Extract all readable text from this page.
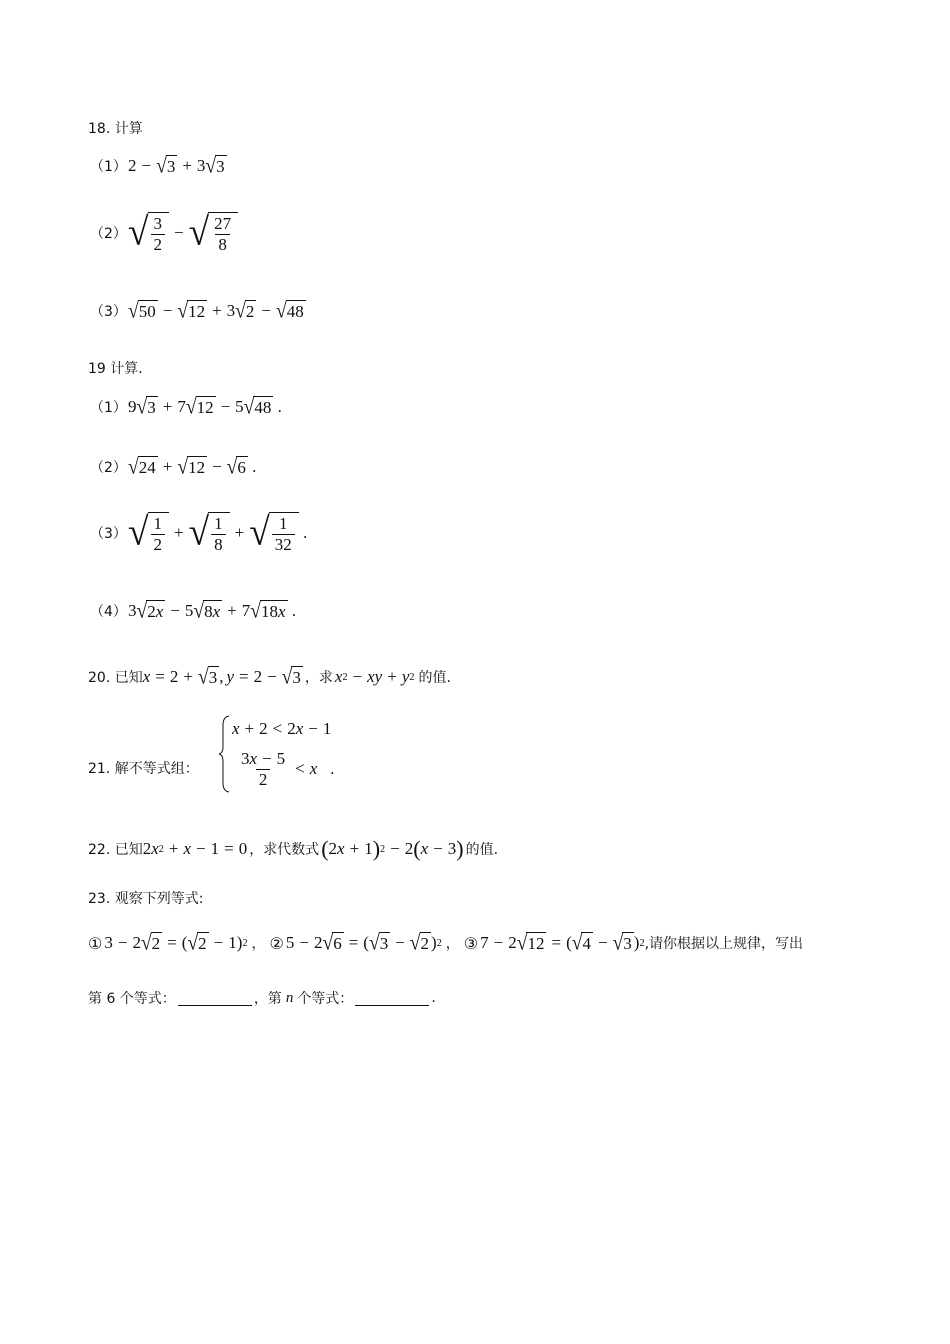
18. 计算
（1） 2 − √ 3 + 3 √ 3
（2） √ $\frac{3}{2}$ − √ $\frac{27}{8}$
（3） √ 50 − √ 12 + 3 √ 2 − √ 48
19 计算.
（1） 9 √ 3 + 7 √ 12 − 5 √ 48 .
（2） √ 24 + √ 12 − √ 6 .
（3） √ $\frac{1}{2}$ + √ $\frac{1}{8}$ + √ $\frac{1}{32}$ .
（4） 3 √ 2 x − 5 √ 8 x + 7 √ 18 x .
20. 已知 x = 2 + √ 3 , y = 2 − √ 3 ，求 x 2 − xy + y 2 的值.
21. 解不等式组：
x + 2 < 2 x − 1
$\frac{3x - 5}{2} < x$ .
22. 已知 2 x 2 + x − 1 = 0 ，求代数式 ( 2 x + 1 ) 2 − 2 ( x − 3 ) 的值.
23. 观察下列等式:
① 3 − 2 √ 2 = ( √ 2 − 1 ) 2 ， ② 5 − 2 √ 6 = ( √ 3 − √ 2 ) 2 ， ③ 7 − 2 √ 12 = ( √ 4 − √ 3 ) 2 ,请你根据以上规律，写出
第 6 个等式：	，第 n 个等式：	.
